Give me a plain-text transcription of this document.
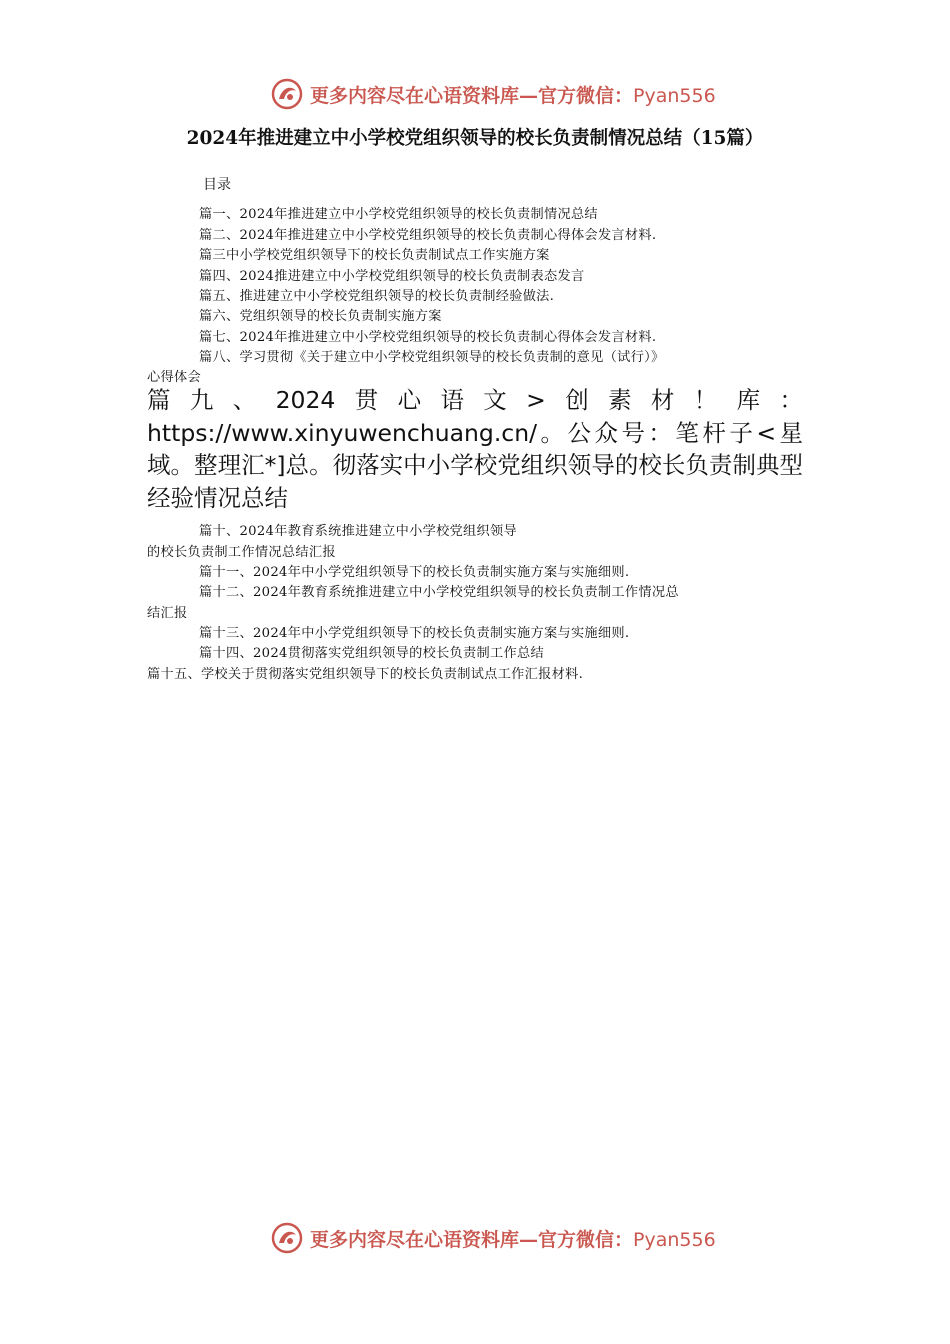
更多内容尽在心语资料库—官方微信：Pyan556
2024年推进建立中小学校党组织领导的校长负责制情况总结（15篇）
目录
篇一、2024年推进建立中小学校党组织领导的校长负责制情况总结
篇二、2024年推进建立中小学校党组织领导的校长负责制心得体会发言材料.
篇三中小学校党组织领导下的校长负责制试点工作实施方案
篇四、2024推进建立中小学校党组织领导的校长负责制表态发言
篇五、推进建立中小学校党组织领导的校长负责制经验做法.
篇六、党组织领导的校长负责制实施方案
篇七、2024年推进建立中小学校党组织领导的校长负责制心得体会发言材料.
篇八、学习贯彻《关于建立中小学校党组织领导的校长负责制的意见（试行）》
心得体会
篇九、2024贯心语文>创素材！库：https://www.xinyuwenchuang.cn/。公众号：笔杆子<星域。整理汇*]总。彻落实中小学校党组织领导的校长负责制典型经验情况总结
篇十、2024年教育系统推进建立中小学校党组织领导
的校长负责制工作情况总结汇报
篇十一、2024年中小学党组织领导下的校长负责制实施方案与实施细则.
篇十二、2024年教育系统推进建立中小学校党组织领导的校长负责制工作情况总
结汇报
篇十三、2024年中小学党组织领导下的校长负责制实施方案与实施细则.
篇十四、2024贯彻落实党组织领导的校长负责制工作总结
篇十五、学校关于贯彻落实党组织领导下的校长负责制试点工作汇报材料.
更多内容尽在心语资料库—官方微信：Pyan556
